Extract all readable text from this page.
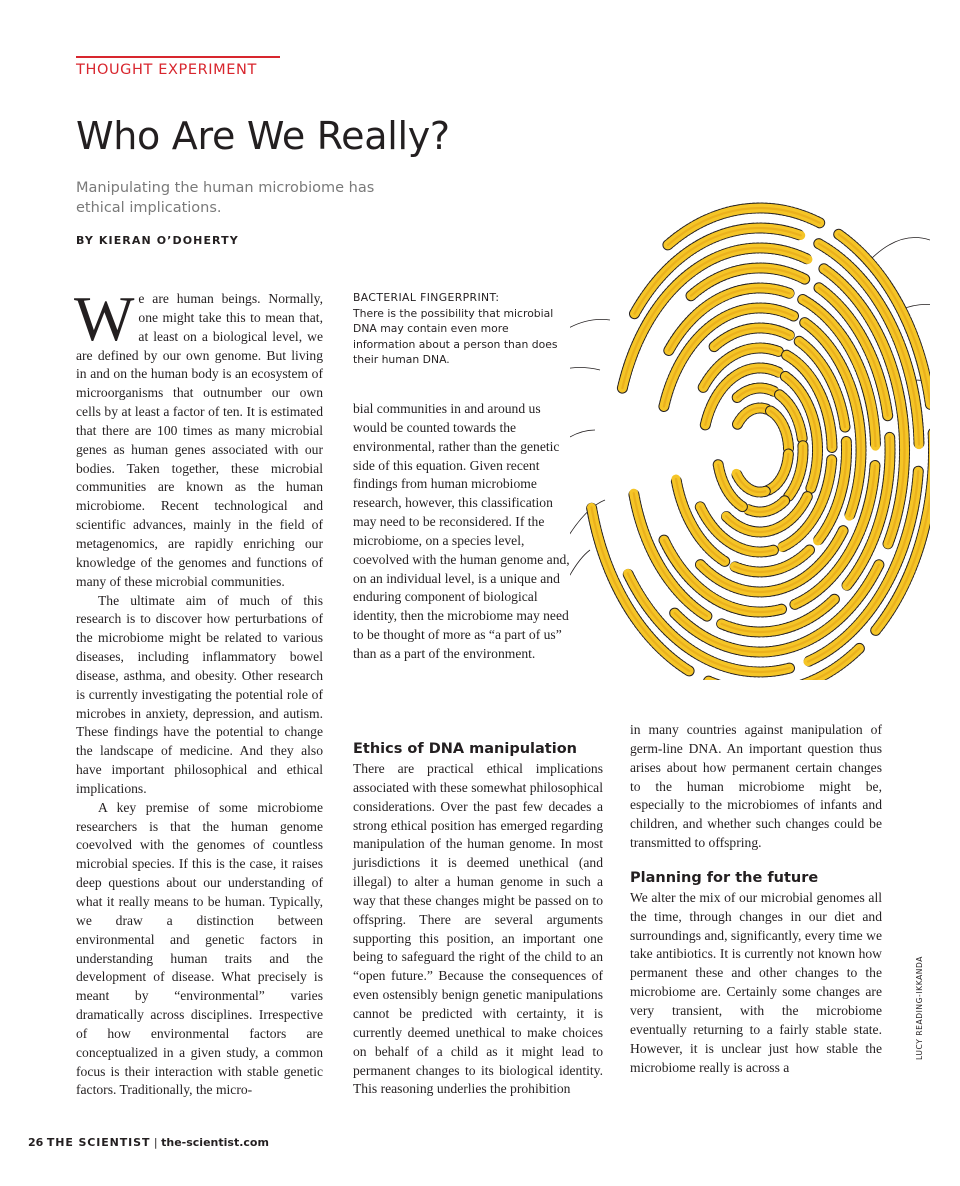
THOUGHT EXPERIMENT
Who Are We Really?

Manipulating the human microbiome has ethical implications.

BY KIERAN O’DOHERTY

We are human beings. Normally, one might take this to mean that, at least on a biological level, we are defined by our own genome. But living in and on the human body is an ecosystem of microorganisms that outnumber our own cells by at least a factor of ten. It is estimated that there are 100 times as many microbial genes as human genes associated with our bodies. Taken together, these microbial communities are known as the human microbiome. Recent technological and scientific advances, mainly in the field of metagenomics, are rapidly enriching our knowledge of the genomes and functions of many of these microbial communities.

The ultimate aim of much of this research is to discover how perturbations of the microbiome might be related to various diseases, including inflammatory bowel disease, asthma, and obesity. Other research is currently investigating the potential role of microbes in anxiety, depression, and autism. These findings have the potential to change the landscape of medicine. And they also have important philosophical and ethical implications.

A key premise of some microbiome researchers is that the human genome coevolved with the genomes of countless microbial species. If this is the case, it raises deep questions about our understanding of what it really means to be human. Typically, we draw a distinction between environmental and genetic factors in understanding human traits and the development of disease. What precisely is meant by “environmental” varies dramatically across disciplines. Irrespective of how environmental factors are conceptualized in a given study, a common focus is their interaction with stable genetic factors. Traditionally, the micro-

BACTERIAL FINGERPRINT:
There is the possibility that microbial DNA may contain even more information about a person than does their human DNA.

bial communities in and around us would be counted towards the environmental, rather than the genetic side of this equation. Given recent findings from human microbiome research, however, this classification may need to be reconsidered. If the microbiome, on a species level, coevolved with the human genome and, on an individual level, is a unique and enduring component of biological identity, then the microbiome may need to be thought of more as “a part of us” than as a part of the environment.

Ethics of DNA manipulation

There are practical ethical implications associated with these somewhat philosophical considerations. Over the past few decades a strong ethical position has emerged regarding manipulation of the human genome. In most jurisdictions it is deemed unethical (and illegal) to alter a human genome in such a way that these changes might be passed on to offspring. There are several arguments supporting this position, an important one being to safeguard the right of the child to an “open future.” Because the consequences of even ostensibly benign genetic manipulations cannot be predicted with certainty, it is currently deemed unethical to make choices on behalf of a child as it might lead to permanent changes to its biological identity. This reasoning underlies the prohibition

in many countries against manipulation of germ-line DNA. An important question thus arises about how permanent certain changes to the human microbiome might be, especially to the microbiomes of infants and children, and whether such changes could be transmitted to offspring.

Planning for the future

We alter the mix of our microbial genomes all the time, through changes in our diet and surroundings and, significantly, every time we take antibiotics. It is currently not known how permanent these and other changes to the microbiome are. Certainly some changes are very transient, with the microbiome eventually returning to a fairly stable state. However, it is unclear just how stable the microbiome really is across a

LUCY READING-IKKANDA
26 THE SCIENTIST | the-scientist.com
